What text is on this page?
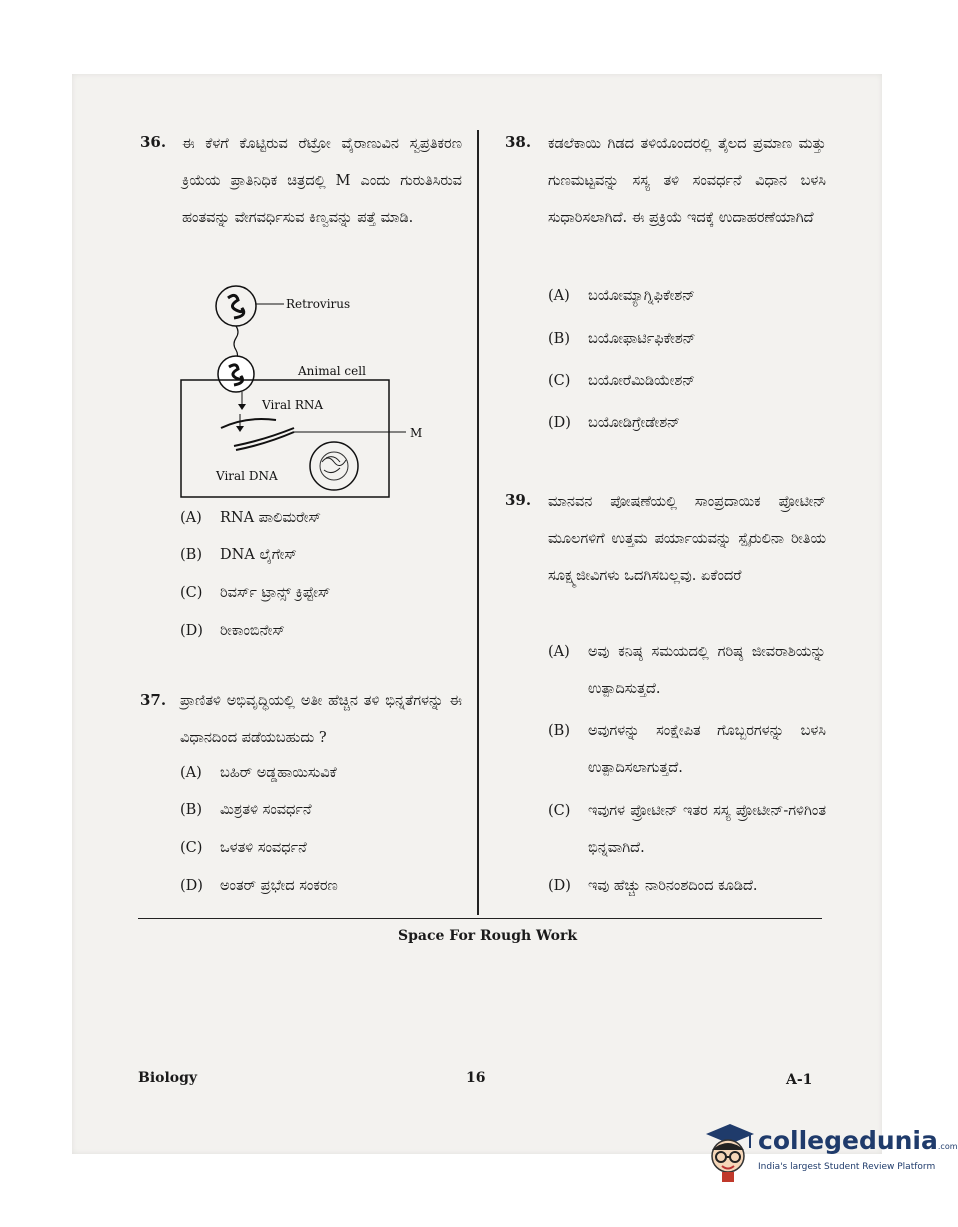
36. ಈ ಕೆಳಗೆ ಕೊಟ್ಟಿರುವ ರೆಟ್ರೋ ವೈರಾಣುವಿನ ಸ್ವಪ್ರತಿಕರಣ ಕ್ರಿಯೆಯ ಪ್ರಾತಿನಿಧಿಕ ಚಿತ್ರದಲ್ಲಿ M ಎಂದು ಗುರುತಿಸಿರುವ ಹಂತವನ್ನು ವೇಗವರ್ಧಿಸುವ ಕಿಣ್ವವನ್ನು ಪತ್ತೆ ಮಾಡಿ.
Retrovirus
Animal cell
Viral RNA
M
Viral DNA
(A) RNA ಪಾಲಿಮರೇಸ್
(B) DNA ಲೈಗೇಸ್
(C) ರಿವರ್ಸ್ ಟ್ರಾನ್ಸ್ ಕ್ರಿಪ್ಟೇಸ್
(D) ರೀಕಾಂಬಿನೇಸ್
37. ಪ್ರಾಣಿತಳಿ ಅಭಿವೃದ್ಧಿಯಲ್ಲಿ ಅತೀ ಹೆಚ್ಚಿನ ತಳಿ ಭಿನ್ನತೆಗಳನ್ನು ಈ ವಿಧಾನದಿಂದ ಪಡೆಯಬಹುದು ?
(A) ಬಹಿರ್ ಅಡ್ಡಹಾಯಿಸುವಿಕೆ
(B) ಮಿಶ್ರತಳಿ ಸಂವರ್ಧನೆ
(C) ಒಳತಳಿ ಸಂವರ್ಧನೆ
(D) ಅಂತರ್ ಪ್ರಭೇದ ಸಂಕರಣ
38. ಕಡಲೆಕಾಯಿ ಗಿಡದ ತಳಿಯೊಂದರಲ್ಲಿ ತೈಲದ ಪ್ರಮಾಣ ಮತ್ತು ಗುಣಮಟ್ಟವನ್ನು ಸಸ್ಯ ತಳಿ ಸಂವರ್ಧನೆ ವಿಧಾನ ಬಳಸಿ ಸುಧಾರಿಸಲಾಗಿದೆ. ಈ ಪ್ರಕ್ರಿಯೆ ಇದಕ್ಕೆ ಉದಾಹರಣೆಯಾಗಿದೆ
(A) ಬಯೋಮ್ಯಾಗ್ನಿಫಿಕೇಶನ್
(B) ಬಯೋಫಾರ್ಟಿಫಿಕೇಶನ್
(C) ಬಯೋರೆಮಿಡಿಯೇಶನ್
(D) ಬಯೋಡಿಗ್ರೇಡೇಶನ್
39. ಮಾನವನ ಪೋಷಣೆಯಲ್ಲಿ ಸಾಂಪ್ರದಾಯಿಕ ಪ್ರೋಟೀನ್ ಮೂಲಗಳಿಗೆ ಉತ್ತಮ ಪರ್ಯಾಯವನ್ನು ಸ್ಪೈರುಲಿನಾ ರೀತಿಯ ಸೂಕ್ಷ್ಮಜೀವಿಗಳು ಒದಗಿಸಬಲ್ಲವು. ಏಕೆಂದರೆ
(A) ಅವು ಕನಿಷ್ಠ ಸಮಯದಲ್ಲಿ ಗರಿಷ್ಠ ಜೀವರಾಶಿಯನ್ನು ಉತ್ಪಾದಿಸುತ್ತದೆ.
(B) ಅವುಗಳನ್ನು ಸಂಕ್ಷೇಪಿತ ಗೊಬ್ಬರಗಳನ್ನು ಬಳಸಿ ಉತ್ಪಾದಿಸಲಾಗುತ್ತದೆ.
(C) ಇವುಗಳ ಪ್ರೋಟೀನ್ ಇತರ ಸಸ್ಯ ಪ್ರೋಟೀನ್-ಗಳಿಗಿಂತ ಭಿನ್ನವಾಗಿದೆ.
(D) ಇವು ಹೆಚ್ಚು ನಾರಿನಂಶದಿಂದ ಕೂಡಿದೆ.
Space For Rough Work
Biology	16	A-1
collegedunia.com
India's largest Student Review Platform
